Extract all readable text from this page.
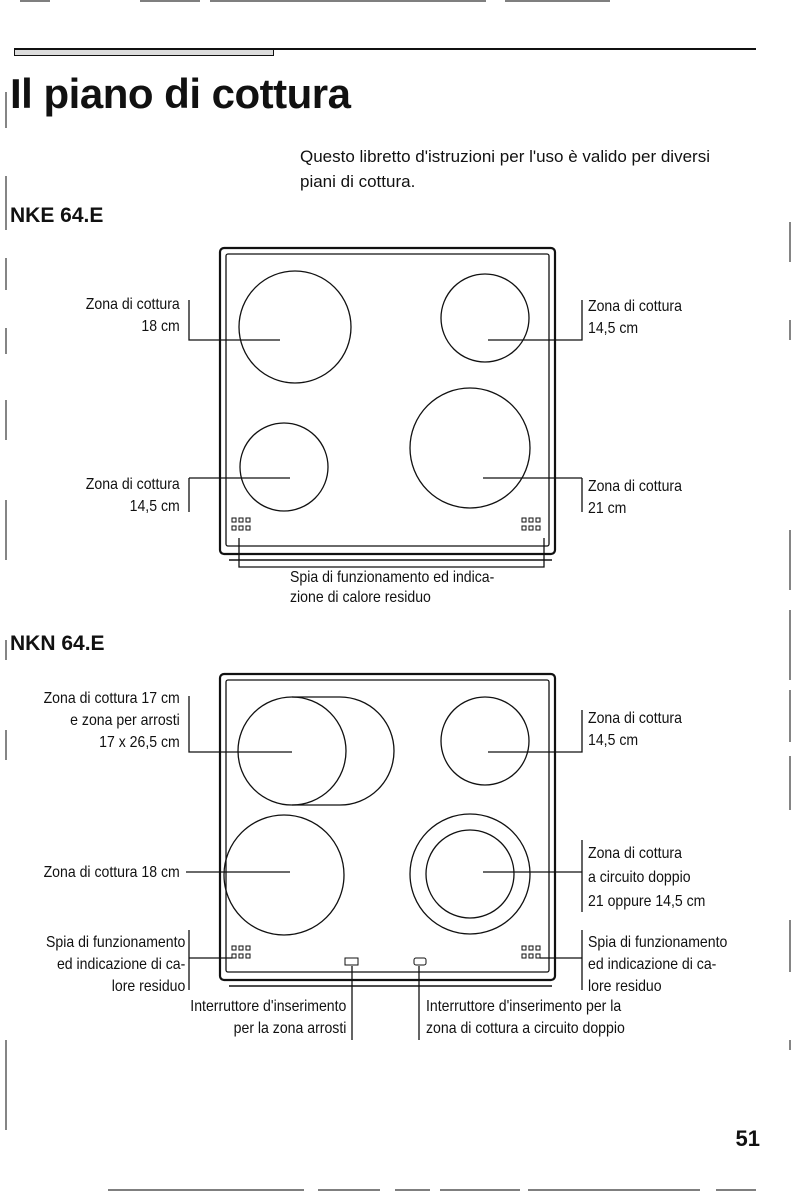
Il piano di cottura
Questo libretto d'istruzioni per l'uso è valido per diversi piani di cottura.
NKE 64.E
NKN 64.E
Zona di cottura
18 cm
Zona di cottura
14,5 cm
Zona di cottura
14,5 cm
Zona di cottura
21 cm
Spia di funzionamento ed indica-
zione di calore residuo
Zona di cottura 17 cm
e zona per arrosti
17 x 26,5 cm
Zona di cottura
14,5 cm
Zona di cottura 18 cm
Zona di cottura
a circuito doppio
21 oppure 14,5 cm
Spia di funzionamento
ed indicazione di ca-
lore residuo
Spia di funzionamento
ed indicazione di ca-
lore residuo
Interruttore d'inserimento
per la zona arrosti
Interruttore d'inserimento per la
zona di cottura a circuito doppio
51
